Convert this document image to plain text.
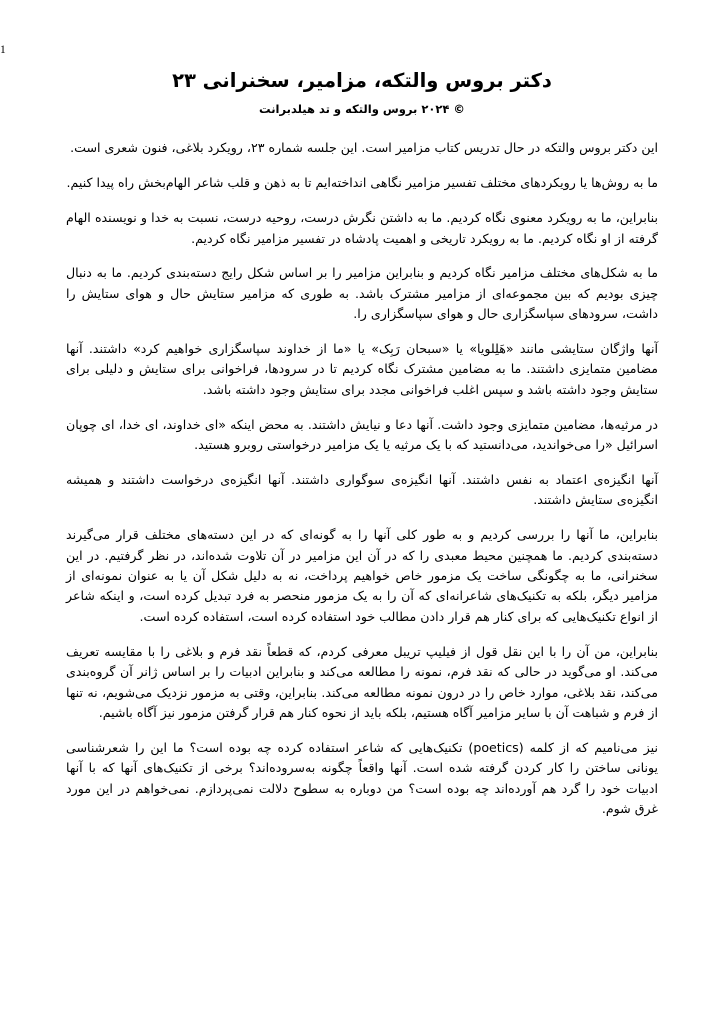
1
دکتر بروس والتکه، مزامیر، سخنرانی ۲۳
© ۲۰۲۴ بروس والتکه و تد هیلدبرانت

این دکتر بروس والتکه در حال تدریس کتاب مزامیر است. این جلسه شماره ۲۳، رویکرد بلاغی، فنون شعری است.

ما به روش‌ها یا رویکردهای مختلف تفسیر مزامیر نگاهی انداخته‌ایم تا به ذهن و قلب شاعر الهام‌بخش راه پیدا کنیم.

بنابراین، ما به رویکرد معنوی نگاه کردیم. ما به داشتن نگرش درست، روحیه درست، نسبت به خدا و نویسنده الهام گرفته از او نگاه کردیم. ما به رویکرد تاریخی و اهمیت پادشاه در تفسیر مزامیر نگاه کردیم.

ما به شکل‌های مختلف مزامیر نگاه کردیم و بنابراین مزامیر را بر اساس شکل رایج دسته‌بندی کردیم. ما به دنبال چیزی بودیم که بین مجموعه‌ای از مزامیر مشترک باشد. به طوری که مزامیر ستایش حال و هوای ستایش را داشت، سرودهای سپاسگزاری حال و هوای سپاسگزاری را.

آنها واژگان ستایشی مانند «هَلِلویا» یا «سبحان رَبِک» یا «ما از خداوند سپاسگزاری خواهیم کرد» داشتند. آنها مضامین متمایزی داشتند. ما به مضامین مشترک نگاه کردیم تا در سرودها، فراخوانی برای ستایش و دلیلی برای ستایش وجود داشته باشد و سپس اغلب فراخوانی مجدد برای ستایش وجود داشته باشد.

در مرثیه‌ها، مضامین متمایزی وجود داشت. آنها دعا و نیایش داشتند. به محض اینکه «ای خداوند، ای خدا، ای چوپان اسرائیل «را می‌خواندید، می‌دانستید که با یک مرثیه یا یک مزامیر درخواستی روبرو هستید.

آنها انگیزه‌ی اعتماد به نفس داشتند. آنها انگیزه‌ی سوگواری داشتند. آنها انگیزه‌ی درخواست داشتند و همیشه انگیزه‌ی ستایش داشتند.

بنابراین، ما آنها را بررسی کردیم و به طور کلی آنها را به گونه‌ای که در این دسته‌های مختلف قرار می‌گیرند دسته‌بندی کردیم. ما همچنین محیط معبدی را که در آن این مزامیر در آن تلاوت شده‌اند، در نظر گرفتیم. در این سخنرانی، ما به چگونگی ساخت یک مزمور خاص خواهیم پرداخت، نه به دلیل شکل آن یا به عنوان نمونه‌ای از مزامیر دیگر، بلکه به تکنیک‌های شاعرانه‌ای که آن را به یک مزمور منحصر به فرد تبدیل کرده است، و اینکه شاعر از انواع تکنیک‌هایی که برای کنار هم قرار دادن مطالب خود استفاده کرده است، استفاده کرده است.

بنابراین، من آن را با این نقل قول از فیلیپ تریبل معرفی کردم، که قطعاً نقد فرم و بلاغی را با مقایسه تعریف می‌کند. او می‌گوید در حالی که نقد فرم، نمونه را مطالعه می‌کند و بنابراین ادبیات را بر اساس ژانر آن گروه‌بندی می‌کند، نقد بلاغی، موارد خاص را در درون نمونه مطالعه می‌کند. بنابراین، وقتی به مزمور نزدیک می‌شویم، نه تنها از فرم و شباهت آن با سایر مزامیر آگاه هستیم، بلکه باید از نحوه کنار هم قرار گرفتن مزمور نیز آگاه باشیم.

نیز می‌نامیم که از کلمه (poetics) تکنیک‌هایی که شاعر استفاده کرده چه بوده است؟ ما این را شعرشناسی یونانی ساختن را کار کردن گرفته شده است. آنها واقعاً چگونه به‌سروده‌اند؟ برخی از تکنیک‌های آنها که با آنها ادبیات خود را گرد هم آورده‌اند چه بوده است؟ من دوباره به سطوح دلالت نمی‌پردازم. نمی‌خواهم در این مورد غرق شوم.
